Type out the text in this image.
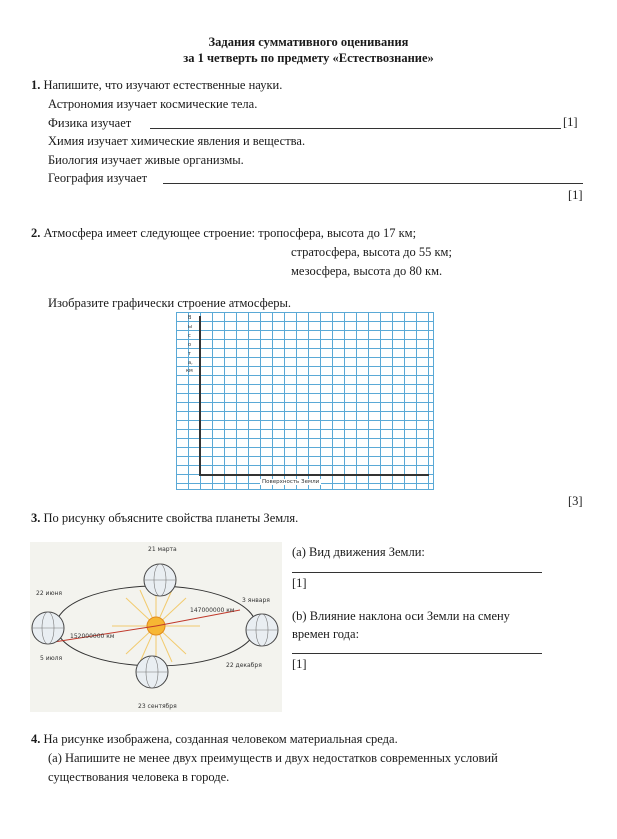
Задания суммативного оценивания
за 1 четверть по предмету «Естествознание»
1. Напишите, что изучают естественные науки.
Астрономия изучает космические тела.
Физика изучает	[1]
Химия изучает химические явления и вещества.
Биология изучает живые организмы.
География изучает
[1]
2. Атмосфера имеет следующее строение: тропосфера, высота до 17 км;
стратосфера, высота до 55 км;
мезосфера, высота до 80 км.
Изобразите графически строение атмосферы.
В
ы
с
о
т
а,
км
Поверхность Земли
[3]
3. По рисунку объясните свойства планеты Земля.
21 марта
22 июня
3 января
5 июля
22 декабря
23 сентября
152000000 км
147000000 км
(a) Вид движения Земли:
[1]
(b) Влияние наклона оси Земли на смену
времен года:
[1]
4. На рисунке изображена, созданная человеком материальная среда.
(a) Напишите не менее двух преимуществ и двух недостатков современных условий
существования человека в городе.
